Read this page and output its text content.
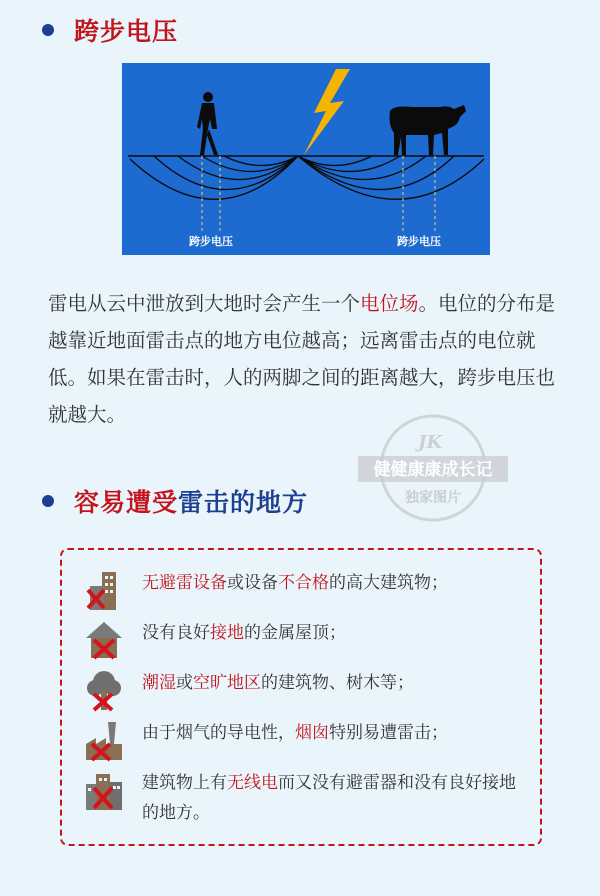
跨步电压
跨步电压	跨步电压
雷电从云中泄放到大地时会产生一个电位场。电位的分布是越靠近地面雷击点的地方电位越高；远离雷击点的电位就低。如果在雷击时，人的两脚之间的距离越大，跨步电压也就越大。
JK
健健康康成长记
独家图片
容易遭受雷击的地方
无避雷设备或设备不合格的高大建筑物；
没有良好接地的金属屋顶；
潮湿或空旷地区的建筑物、树木等；
由于烟气的导电性，烟囱特别易遭雷击；
建筑物上有无线电而又没有避雷器和没有良好接地的地方。
